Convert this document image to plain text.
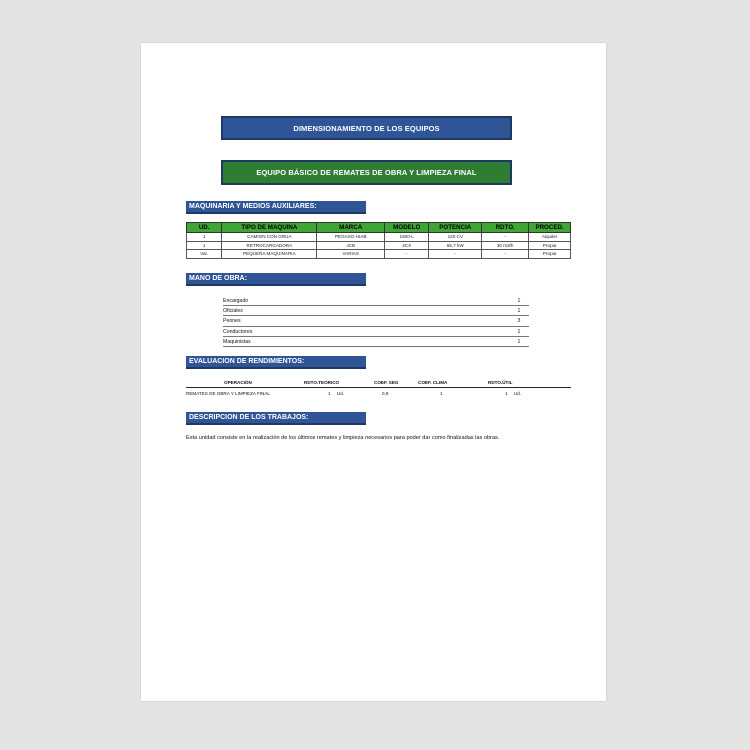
DIMENSIONAMIENTO DE LOS EQUIPOS
EQUIPO BÁSICO DE REMATES DE OBRA Y LIMPIEZA FINAL
MAQUINARIA Y MEDIOS AUXILIARES:
UD.	TIPO DE MAQUINA	MARCA	MODELO	POTENCIA	RDTO.	PROCED.
1	CAMION CON GRUA	PEGASO HIAB	1600-L	120 CV	-	Alquiler
1	RETROCARGADORA	JCB	2CX	55,7 kW	30 m3/h	Propia
Var.	PEQUEÑA MAQUINARIA	VARIAS	-	-	-	Propia
MANO DE OBRA:
Encargado	1
Oficiales	1
Peones	3
Conductores	1
Maquinistas	1
EVALUACION DE RENDIMIENTOS:
OPERACIÓN	RDTO.TEORICO	COEF. SEG	COEF. CLIMA	RDTO.ÚTIL
REMATES DE OBRA Y LIMPIEZA FINAL	1 Ud.	0,9	1	1 Ud.
DESCRIPCION DE LOS TRABAJOS:
Esta unidad consiste en la realización de los últimos remates y limpieza necesarios para poder dar como finalizadas las obras.
